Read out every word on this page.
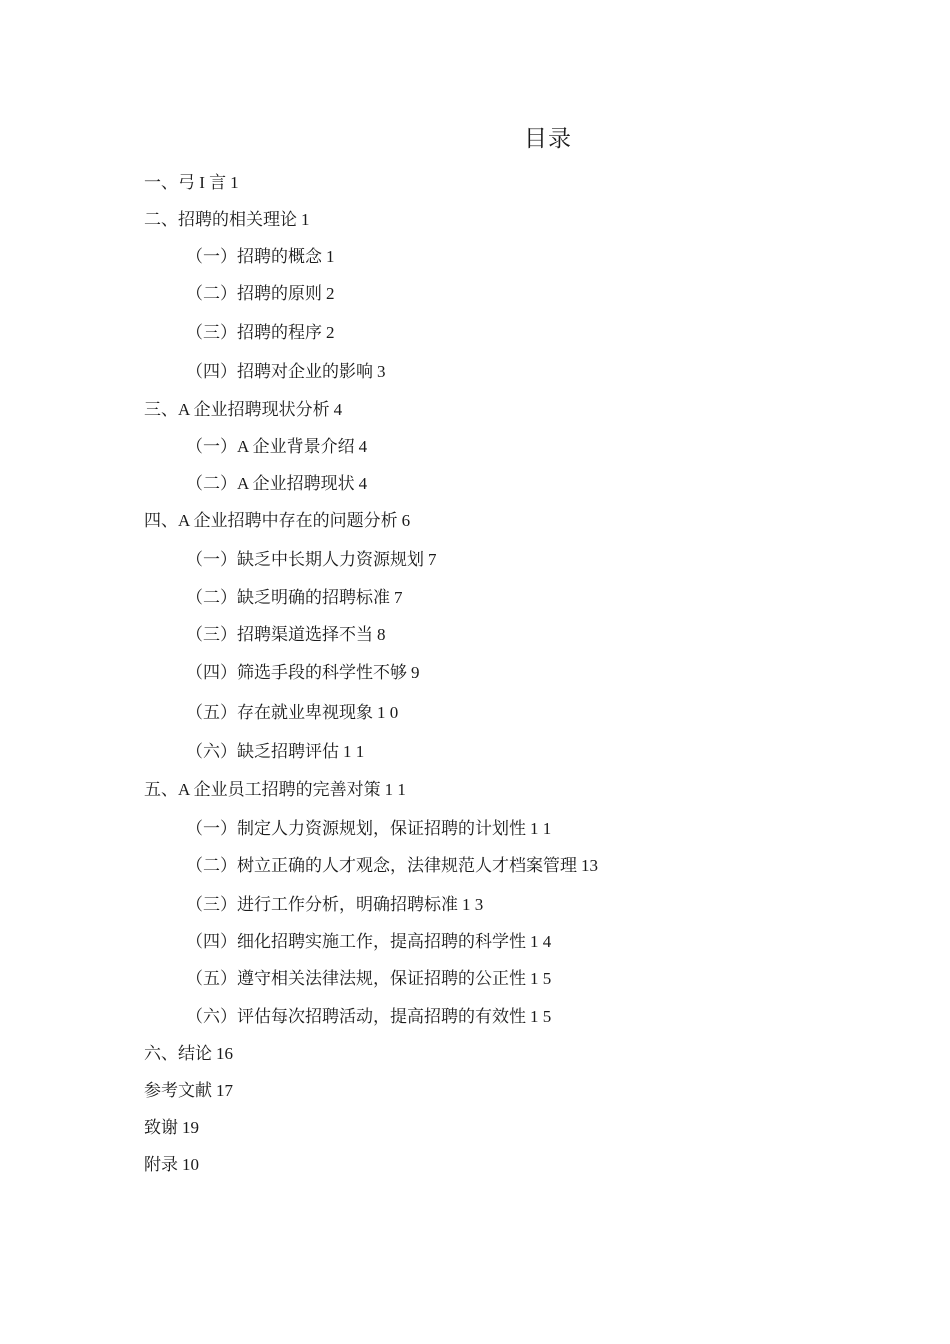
目录
一、弓 I 言 1
二、招聘的相关理论 1
（一）招聘的概念 1
（二）招聘的原则 2
（三）招聘的程序 2
（四）招聘对企业的影响 3
三、A 企业招聘现状分析 4
（一）A 企业背景介绍 4
（二）A 企业招聘现状 4
四、A 企业招聘中存在的问题分析 6
（一）缺乏中长期人力资源规划 7
（二）缺乏明确的招聘标准 7
（三）招聘渠道选择不当 8
（四）筛选手段的科学性不够 9
（五）存在就业卑视现象 1 0
（六）缺乏招聘评估 1 1
五、A 企业员工招聘的完善对策 1 1
（一）制定人力资源规划，保证招聘的计划性 1 1
（二）树立正确的人才观念，法律规范人才档案管理 13
（三）进行工作分析，明确招聘标准 1 3
（四）细化招聘实施工作，提高招聘的科学性 1 4
（五）遵守相关法律法规，保证招聘的公正性 1 5
（六）评估每次招聘活动，提高招聘的有效性 1 5
六、结论 16
参考文献 17
致谢 19
附录 10
